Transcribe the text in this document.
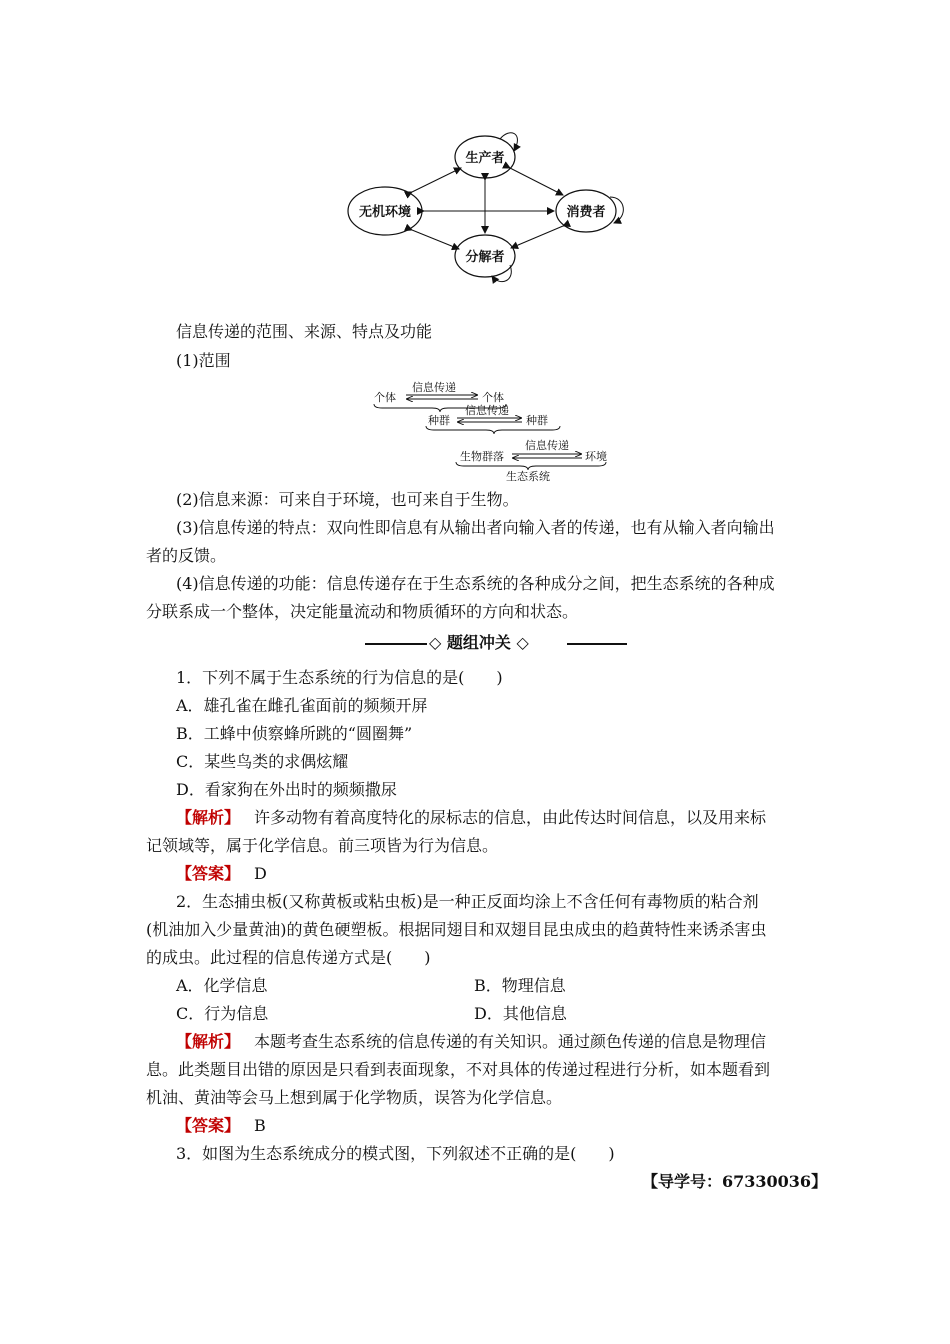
生产者
无机环境	消费者
分解者
信息传递的范围、来源、特点及功能
(1)范围
个体
信息传递
个体
种群
信息传递
种群
生物群落
信息传递
环境
生态系统
(2)信息来源：可来自于环境，也可来自于生物。
(3)信息传递的特点：双向性即信息有从输出者向输入者的传递，也有从输入者向输出
者的反馈。
(4)信息传递的功能：信息传递存在于生态系统的各种成分之间，把生态系统的各种成
分联系成一个整体，决定能量流动和物质循环的方向和状态。
◇ 题组冲关 ◇
1．下列不属于生态系统的行为信息的是(　　)
A．雄孔雀在雌孔雀面前的频频开屏
B．工蜂中侦察蜂所跳的“圆圈舞”
C．某些鸟类的求偶炫耀
D．看家狗在外出时的频频撒尿
【解析】 许多动物有着高度特化的尿标志的信息，由此传达时间信息，以及用来标
记领域等，属于化学信息。前三项皆为行为信息。
【答案】 D
2．生态捕虫板(又称黄板或粘虫板)是一种正反面均涂上不含任何有毒物质的粘合剂
(机油加入少量黄油)的黄色硬塑板。根据同翅目和双翅目昆虫成虫的趋黄特性来诱杀害虫
的成虫。此过程的信息传递方式是(　　)
A．化学信息	B．物理信息
C．行为信息	D．其他信息
【解析】 本题考查生态系统的信息传递的有关知识。通过颜色传递的信息是物理信
息。此类题目出错的原因是只看到表面现象，不对具体的传递过程进行分析，如本题看到
机油、黄油等会马上想到属于化学物质，误答为化学信息。
【答案】 B
3．如图为生态系统成分的模式图，下列叙述不正确的是(　　)
【导学号：67330036】
